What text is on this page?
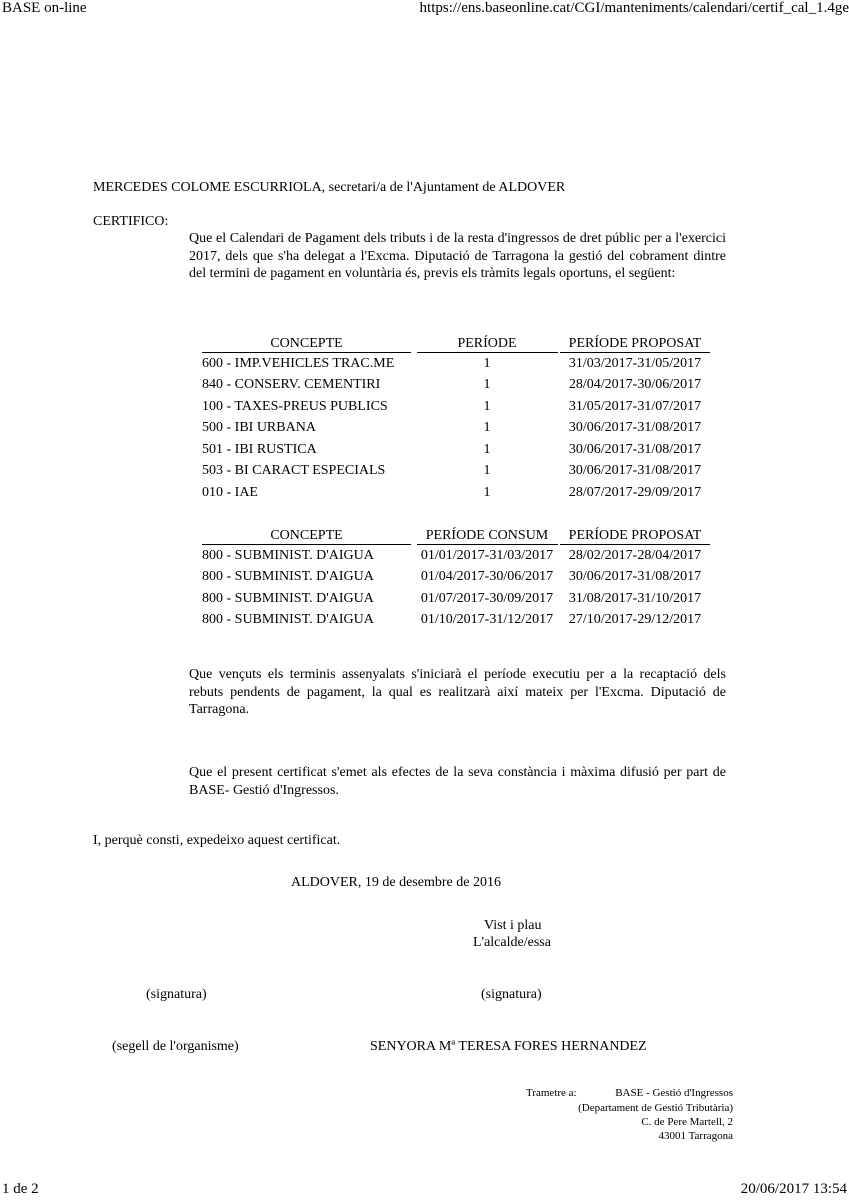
BASE on-line	https://ens.baseonline.cat/CGI/manteniments/calendari/certif_cal_1.4ge
MERCEDES COLOME ESCURRIOLA, secretari/a de l'Ajuntament de ALDOVER
CERTIFICO:
Que el Calendari de Pagament dels tributs i de la resta d'ingressos de dret públic per a l'exercici 2017, dels que s'ha delegat a l'Excma. Diputació de Tarragona la gestió del cobrament dintre del termini de pagament en voluntària és, previs els tràmits legals oportuns, el següent:
CONCEPTE	PERÍODE	PERÍODE PROPOSAT
600 - IMP.VEHICLES TRAC.ME	1	31/03/2017-31/05/2017
840 - CONSERV. CEMENTIRI	1	28/04/2017-30/06/2017
100 - TAXES-PREUS PUBLICS	1	31/05/2017-31/07/2017
500 - IBI URBANA	1	30/06/2017-31/08/2017
501 - IBI RUSTICA	1	30/06/2017-31/08/2017
503 - BI CARACT ESPECIALS	1	30/06/2017-31/08/2017
010 - IAE	1	28/07/2017-29/09/2017
CONCEPTE	PERÍODE CONSUM	PERÍODE PROPOSAT
800 - SUBMINIST. D'AIGUA	01/01/2017-31/03/2017	28/02/2017-28/04/2017
800 - SUBMINIST. D'AIGUA	01/04/2017-30/06/2017	30/06/2017-31/08/2017
800 - SUBMINIST. D'AIGUA	01/07/2017-30/09/2017	31/08/2017-31/10/2017
800 - SUBMINIST. D'AIGUA	01/10/2017-31/12/2017	27/10/2017-29/12/2017
Que vençuts els terminis assenyalats s'iniciarà el període executiu per a la recaptació dels rebuts pendents de pagament, la qual es realitzarà així mateix per l'Excma. Diputació de Tarragona.
Que el present certificat s'emet als efectes de la seva constància i màxima difusió per part de BASE- Gestió d'Ingressos.
I, perquè consti, expedeixo aquest certificat.
ALDOVER, 19 de desembre de 2016
Vist i plau
L'alcalde/essa
(signatura)	(signatura)
(segell de l'organisme)	SENYORA Mª TERESA FORES HERNANDEZ
Trametre a:	BASE - Gestió d'Ingressos
(Departament de Gestió Tributària)
C. de Pere Martell, 2
43001 Tarragona
1 de 2	20/06/2017 13:54
